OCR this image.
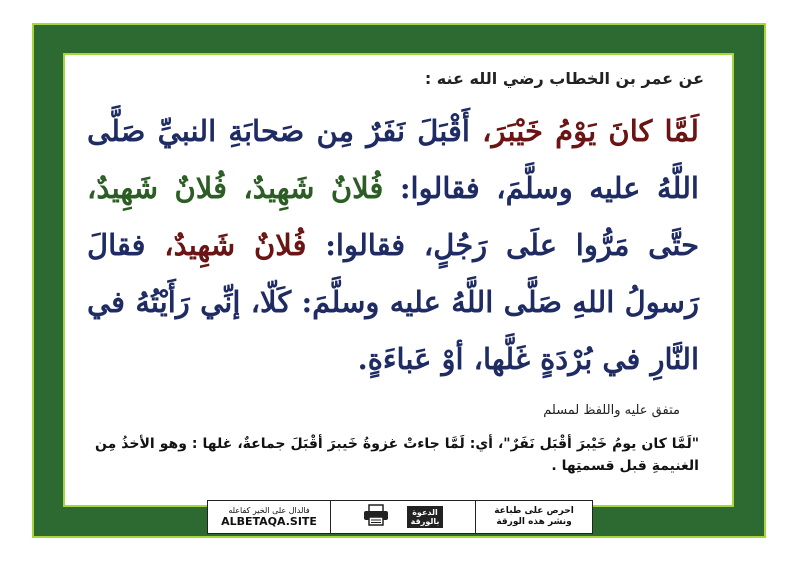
عن عمر بن الخطاب رضي الله عنه :
لَمَّا كانَ يَوْمُ خَيْبَرَ، أَقْبَلَ نَفَرٌ مِن صَحابَةِ النبيِّ صَلَّى اللَّهُ عليه وسلَّمَ، فقالوا: فُلانٌ شَهِيدٌ، فُلانٌ شَهِيدٌ، حتَّى مَرُّوا علَى رَجُلٍ، فقالوا: فُلانٌ شَهِيدٌ، فقالَ رَسولُ اللهِ صَلَّى اللَّهُ عليه وسلَّمَ: كَلّا، إنِّي رَأَيْتُهُ في النَّارِ في بُرْدَةٍ غَلَّها، أوْ عَباءَةٍ.
متفق عليه واللفظ لمسلم
"لَمَّا كان يومُ خَيْبرَ أقْبَل نَفَرٌ"، أي: لَمَّا جاءتْ غزوةُ خَيبرَ أقْبَلَ جماعةٌ، غلها : وهو الأخذُ مِن الغنيمةِ قبل قسمتِها .
فالدال على الخير كفاعله
ALBETAQA.SITE
الدعوة
بالورقة
احرص على طباعة
ونشر هذه الورقة
